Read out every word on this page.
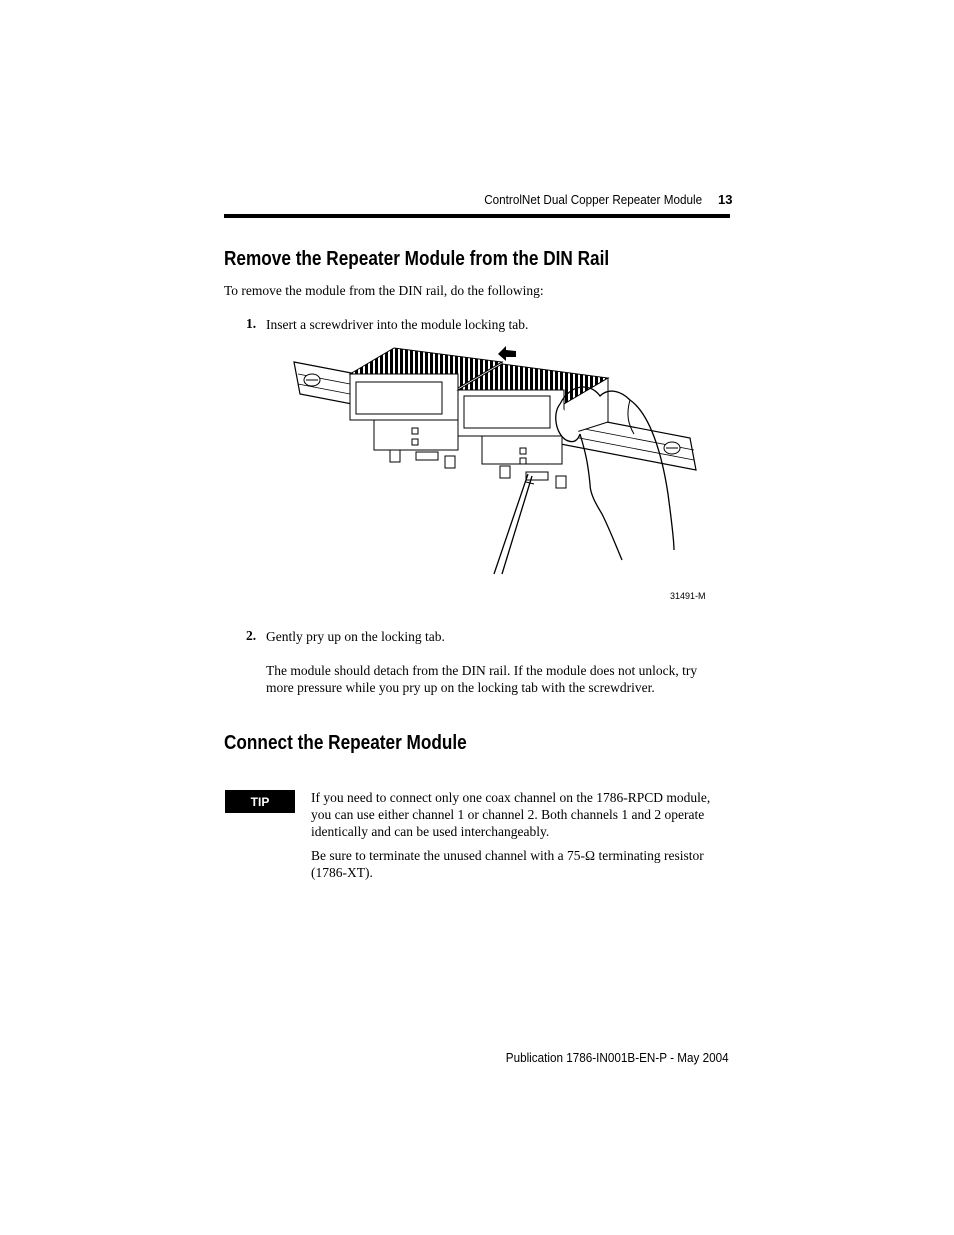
ControlNet Dual Copper Repeater Module 13
Remove the Repeater Module from the DIN Rail
To remove the module from the DIN rail, do the following:
1. Insert a screwdriver into the module locking tab.
31491-M
2. Gently pry up on the locking tab.
The module should detach from the DIN rail. If the module does not unlock, try more pressure while you pry up on the locking tab with the screwdriver.
Connect the Repeater Module
TIP	If you need to connect only one coax channel on the 1786-RPCD module, you can use either channel 1 or channel 2. Both channels 1 and 2 operate identically and can be used interchangeably.
Be sure to terminate the unused channel with a 75-Ω terminating resistor (1786-XT).
Publication 1786-IN001B-EN-P - May 2004
